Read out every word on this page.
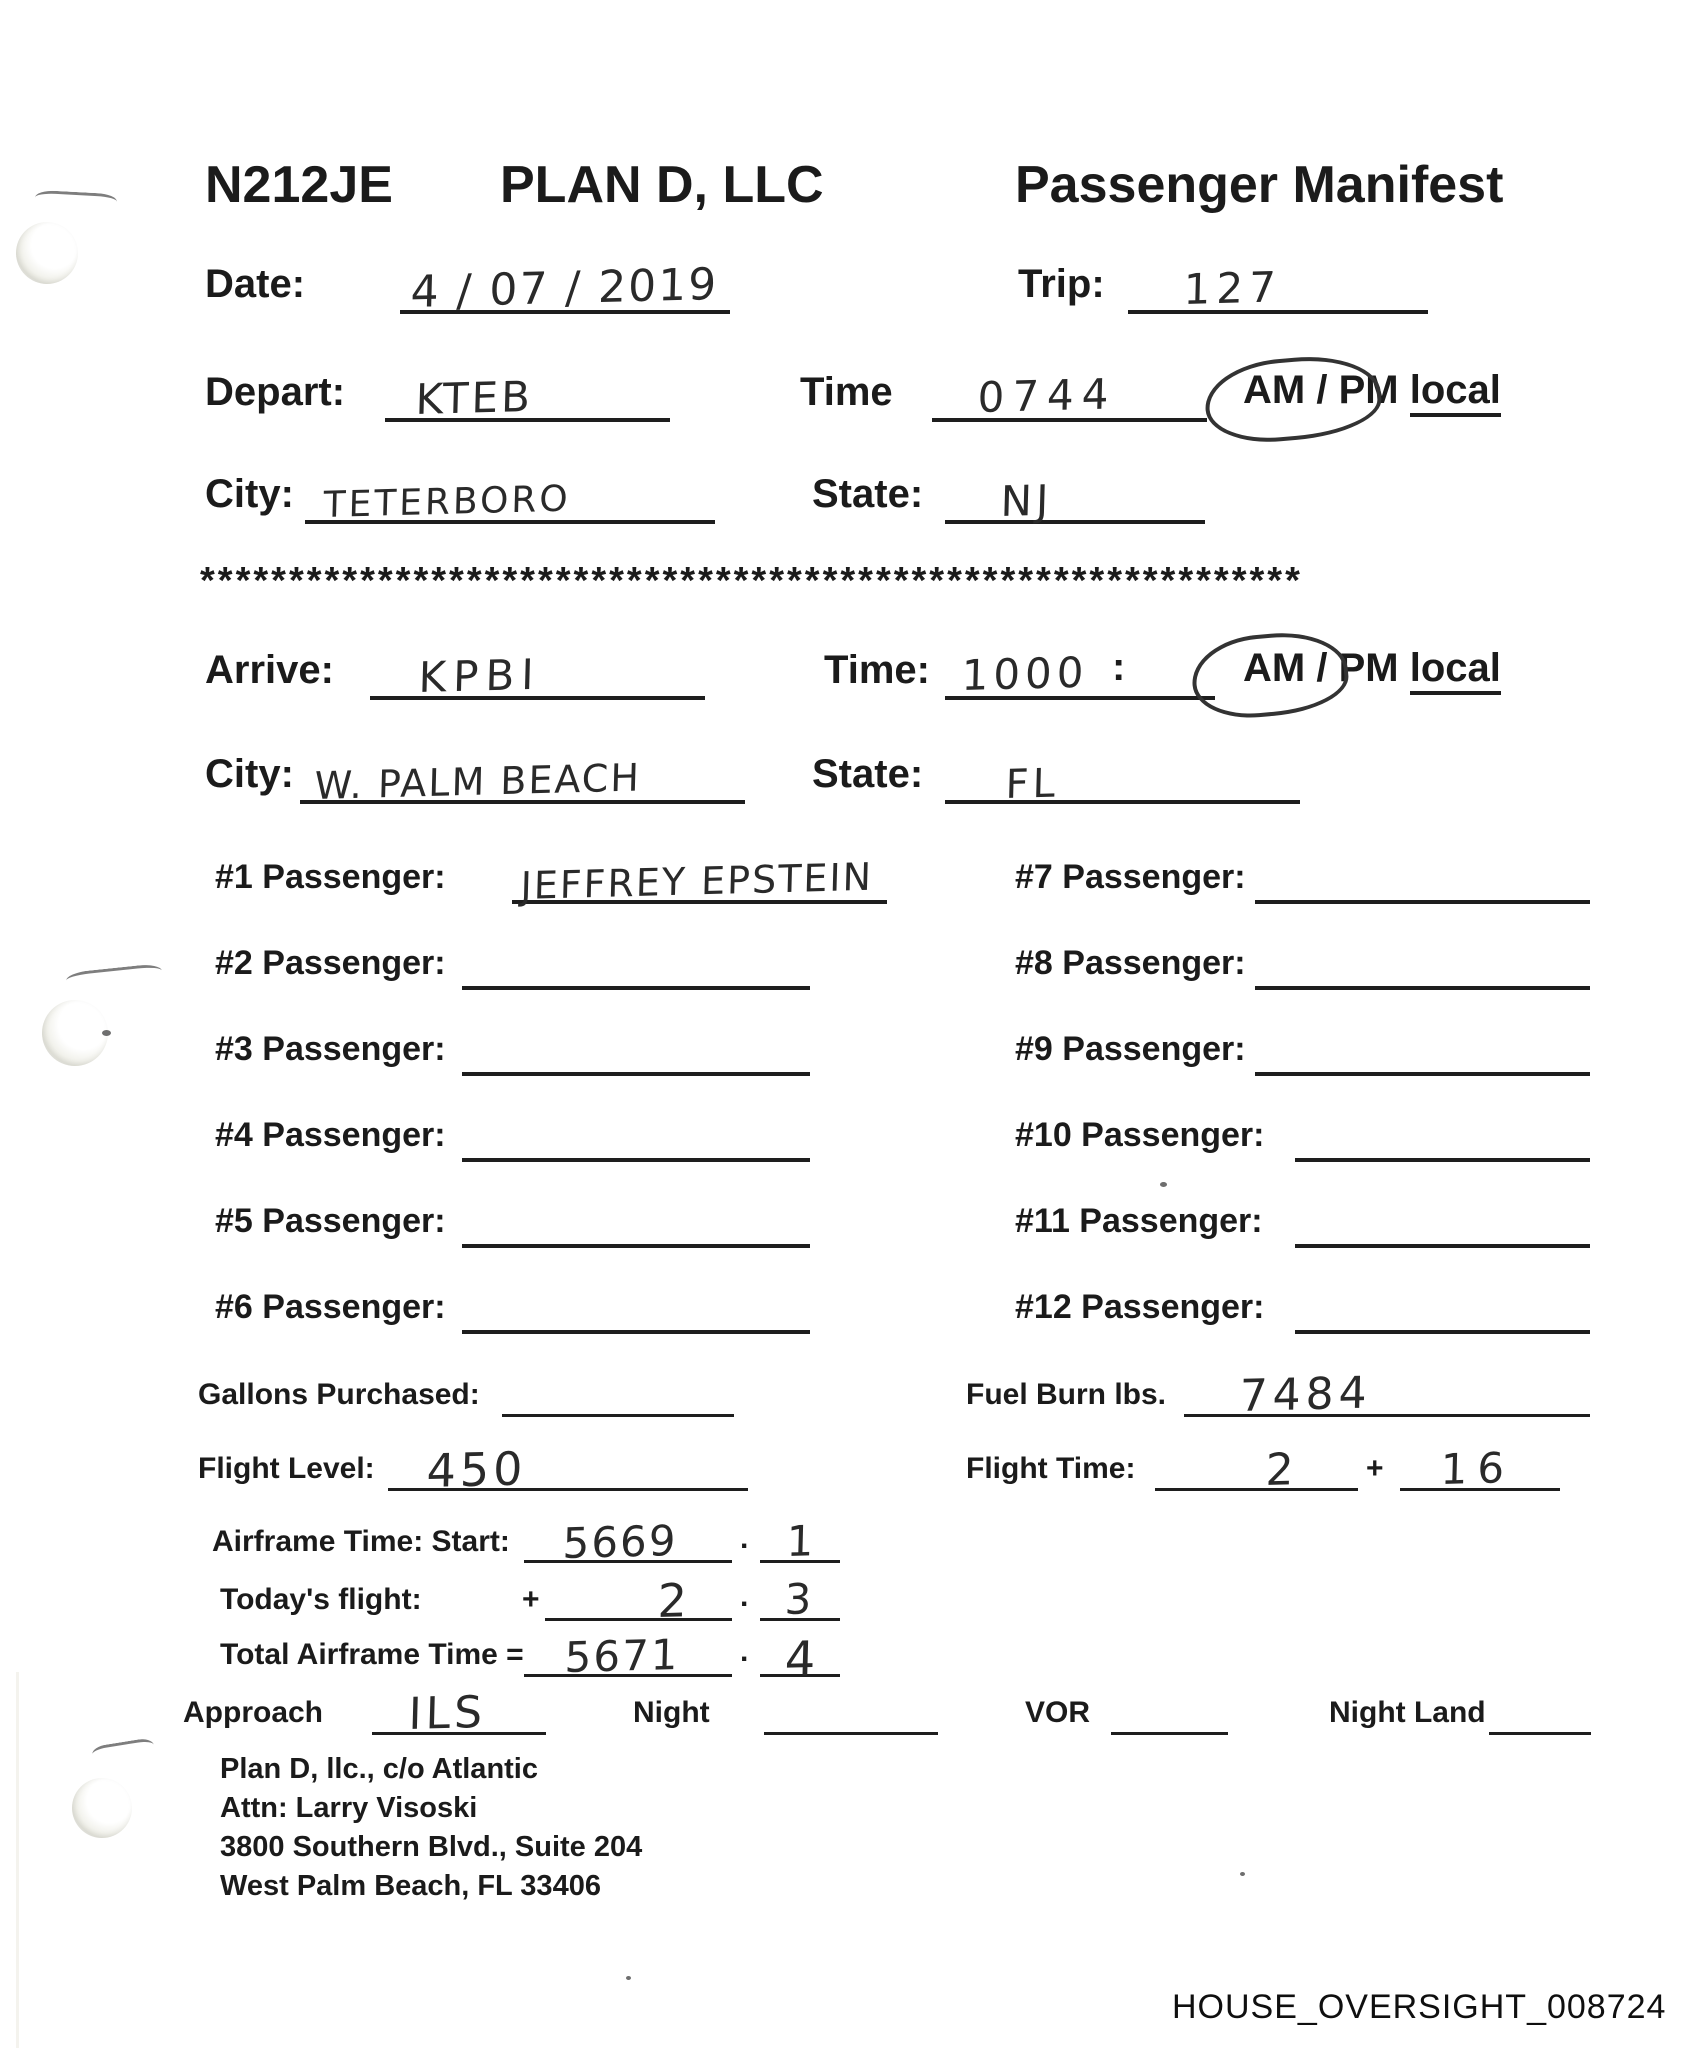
N212JE PLAN D, LLC	Passenger Manifest
Date: 4 / 07 / 2019	Trip: 127
Depart: KTEB	Time 0744	AM / PM local
City: TETERBORO	State: NJ
**************************************************************
Arrive: KPBI	Time: 1000 :	AM / PM local
City: W. PALM BEACH	State: FL
#1 Passenger: JEFFREY EPSTEIN
#2 Passenger:
#3 Passenger:
#4 Passenger:
#5 Passenger:
#6 Passenger:
#7 Passenger:
#8 Passenger:
#9 Passenger:
#10 Passenger:
#11 Passenger:
#12 Passenger:
Gallons Purchased:	Fuel Burn lbs. 7484
Flight Level: 450	Flight Time:	2 + 16
Airframe Time: Start: 5669 . 1
Today's flight:	+	2 . 3
Total Airframe Time = 5671 . 4
Approach ILS	Night	VOR	Night Land
Plan D, llc., c/o Atlantic
Attn: Larry Visoski
3800 Southern Blvd., Suite 204
West Palm Beach, FL 33406
HOUSE_OVERSIGHT_008724
